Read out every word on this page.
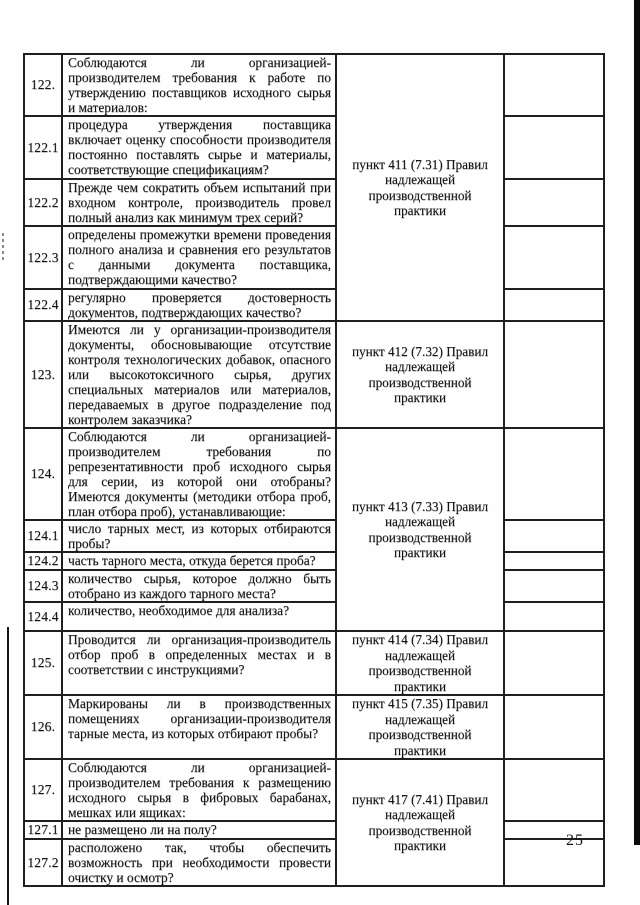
122.	Соблюдаются ли организацией-производителем требования к работе по утверждению поставщиков исходного сырья и материалов:	пункт 411 (7.31) Правил надлежащей производственной практики	
122.1	процедура утверждения поставщика включает оценку способности производителя постоянно поставлять сырье и материалы, соответствующие спецификациям?		
122.2	Прежде чем сократить объем испытаний при входном контроле, производитель провел полный анализ как минимум трех серий?		
122.3	определены промежутки времени проведения полного анализа и сравнения его результатов с данными документа поставщика, подтверждающими качество?		
122.4	регулярно проверяется достоверность документов, подтверждающих качество?		
123.	Имеются ли у организации-производителя документы, обосновывающие отсутствие контроля технологических добавок, опасного или высокотоксичного сырья, других специальных материалов или материалов, передаваемых в другое подразделение под контролем заказчика?	пункт 412 (7.32) Правил надлежащей производственной практики	
124.	Соблюдаются ли организацией-производителем требования по репрезентативности проб исходного сырья для серии, из которой они отобраны? Имеются документы (методики отбора проб, план отбора проб), устанавливающие:	пункт 413 (7.33) Правил надлежащей производственной практики	
124.1	число тарных мест, из которых отбираются пробы?		
124.2	часть тарного места, откуда берется проба?		
124.3	количество сырья, которое должно быть отобрано из каждого тарного места?		
124.4	количество, необходимое для анализа?		
125.	Проводится ли организация-производитель отбор проб в определенных местах и в соответствии с инструкциями?	пункт 414 (7.34) Правил надлежащей производственной практики	
126.	Маркированы ли в производственных помещениях организации-производителя тарные места, из которых отбирают пробы?	пункт 415 (7.35) Правил надлежащей производственной практики	
127.	Соблюдаются ли организацией-производителем требования к размещению исходного сырья в фибровых барабанах, мешках или ящиках:	пункт 417 (7.41) Правил надлежащей производственной практики	
127.1	не размещено ли на полу?		
127.2	расположено так, чтобы обеспечить возможность при необходимости провести очистку и осмотр?		
25
